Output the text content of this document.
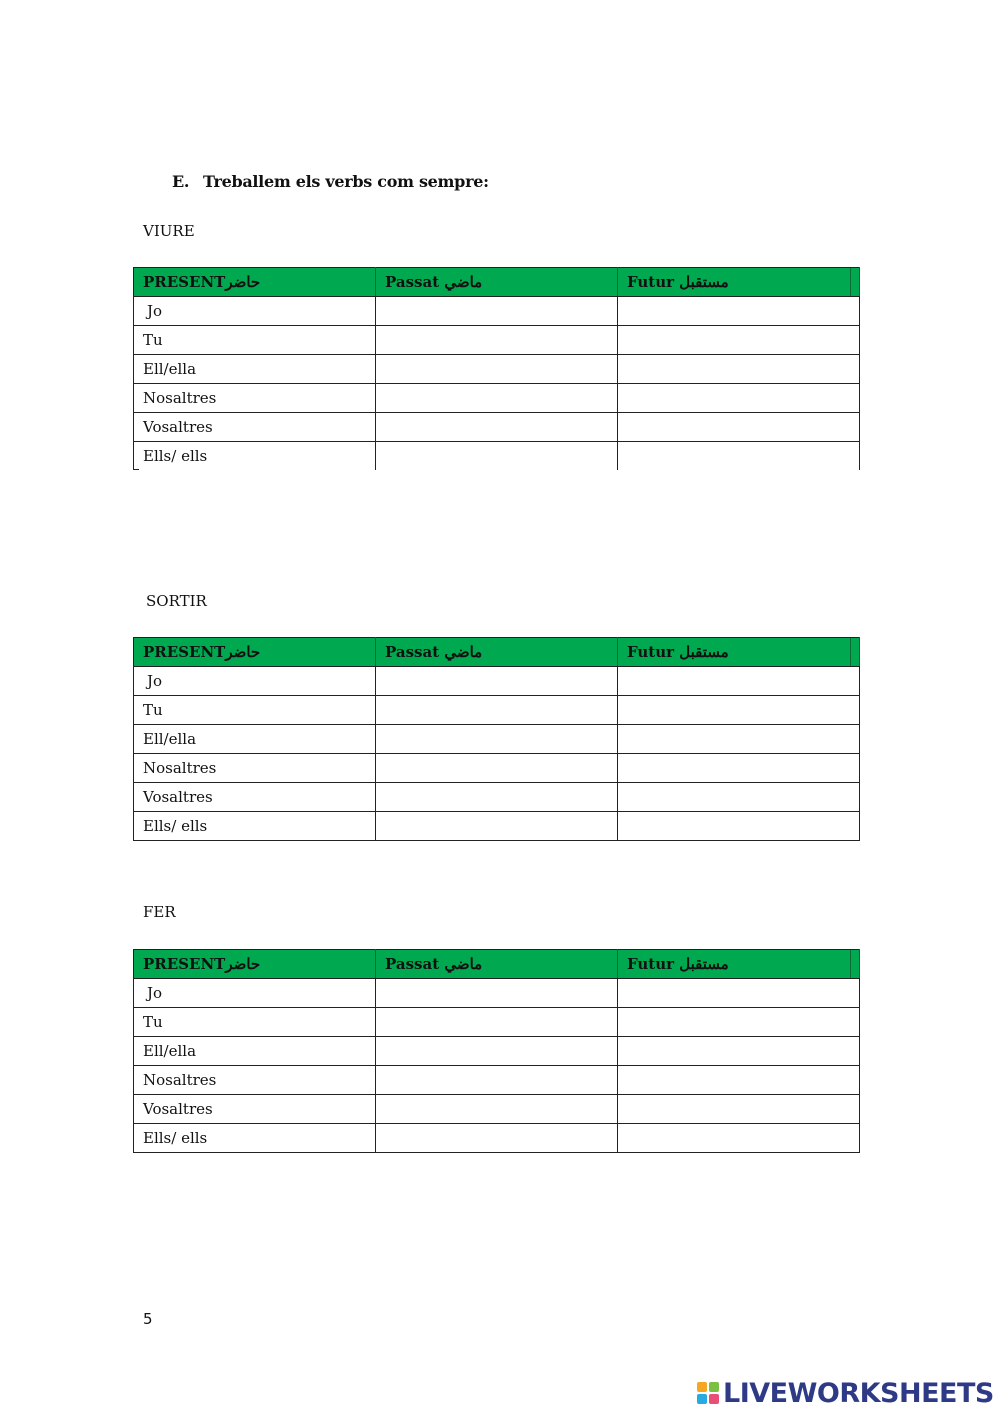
E. Treballem els verbs com sempre:
VIURE
PRESENTحاضر	Passat ماضي	Futur مستقبل
Jo		
Tu		
Ell/ella		
Nosaltres		
Vosaltres		
Ells/ ells		
SORTIR
PRESENTحاضر	Passat ماضي	Futur مستقبل
Jo		
Tu		
Ell/ella		
Nosaltres		
Vosaltres		
Ells/ ells		
FER
PRESENTحاضر	Passat ماضي	Futur مستقبل
Jo		
Tu		
Ell/ella		
Nosaltres		
Vosaltres		
Ells/ ells		
5
LIVEWORKSHEETS
